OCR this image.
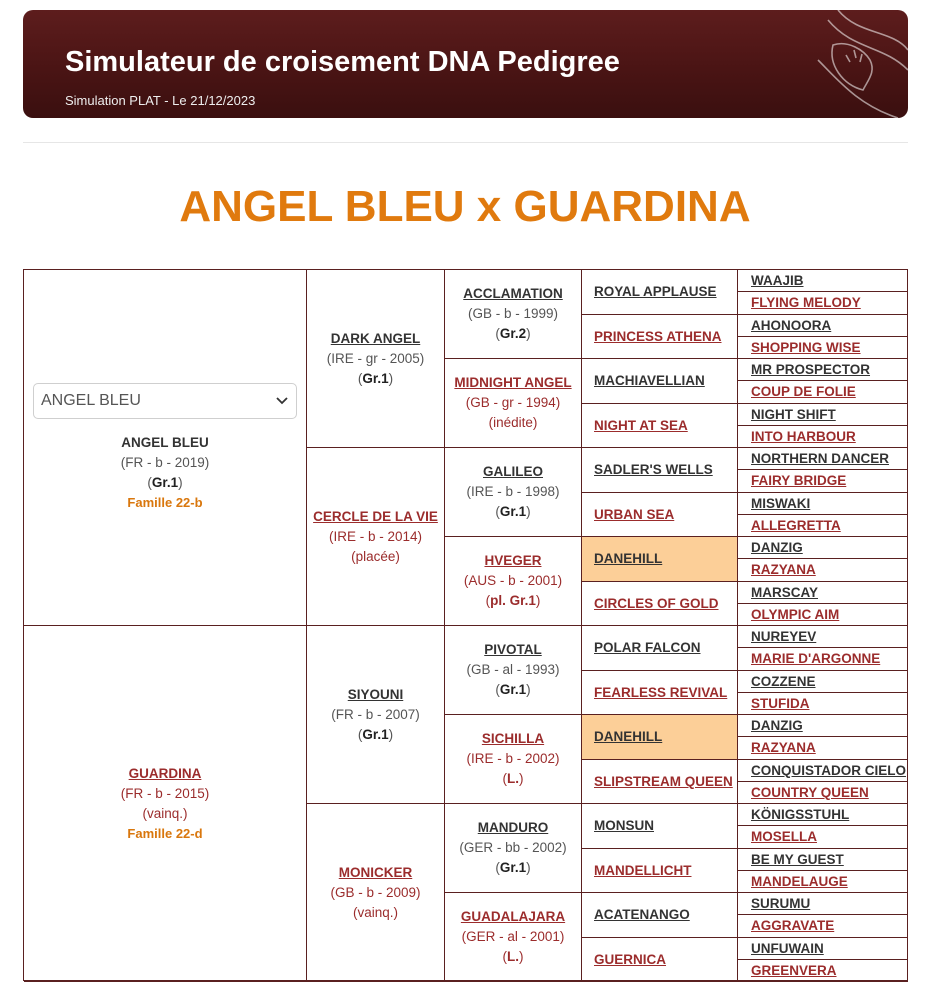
Simulateur de croisement DNA Pedigree
Simulation PLAT - Le 21/12/2023
ANGEL BLEU x GUARDINA
ANGEL BLEU
ANGEL BLEU
(FR - b - 2019)
(Gr.1)
Famille 22-b
GUARDINA
(FR - b - 2015)
(vainq.)
Famille 22-d
DARK ANGEL
(IRE - gr - 2005)
(Gr.1)
CERCLE DE LA VIE
(IRE - b - 2014)
(placée)
SIYOUNI
(FR - b - 2007)
(Gr.1)
MONICKER
(GB - b - 2009)
(vainq.)
ACCLAMATION
(GB - b - 1999)
(Gr.2)
MIDNIGHT ANGEL
(GB - gr - 1994)
(inédite)
GALILEO
(IRE - b - 1998)
(Gr.1)
HVEGER
(AUS - b - 2001)
(pl. Gr.1)
PIVOTAL
(GB - al - 1993)
(Gr.1)
SICHILLA
(IRE - b - 2002)
(L.)
MANDURO
(GER - bb - 2002)
(Gr.1)
GUADALAJARA
(GER - al - 2001)
(L.)
ROYAL APPLAUSE
PRINCESS ATHENA
MACHIAVELLIAN
NIGHT AT SEA
SADLER'S WELLS
URBAN SEA
DANEHILL
CIRCLES OF GOLD
POLAR FALCON
FEARLESS REVIVAL
DANEHILL
SLIPSTREAM QUEEN
MONSUN
MANDELLICHT
ACATENANGO
GUERNICA
WAAJIB
FLYING MELODY
AHONOORA
SHOPPING WISE
MR PROSPECTOR
COUP DE FOLIE
NIGHT SHIFT
INTO HARBOUR
NORTHERN DANCER
FAIRY BRIDGE
MISWAKI
ALLEGRETTA
DANZIG
RAZYANA
MARSCAY
OLYMPIC AIM
NUREYEV
MARIE D'ARGONNE
COZZENE
STUFIDA
DANZIG
RAZYANA
CONQUISTADOR CIELO
COUNTRY QUEEN
KÖNIGSSTUHL
MOSELLA
BE MY GUEST
MANDELAUGE
SURUMU
AGGRAVATE
UNFUWAIN
GREENVERA
